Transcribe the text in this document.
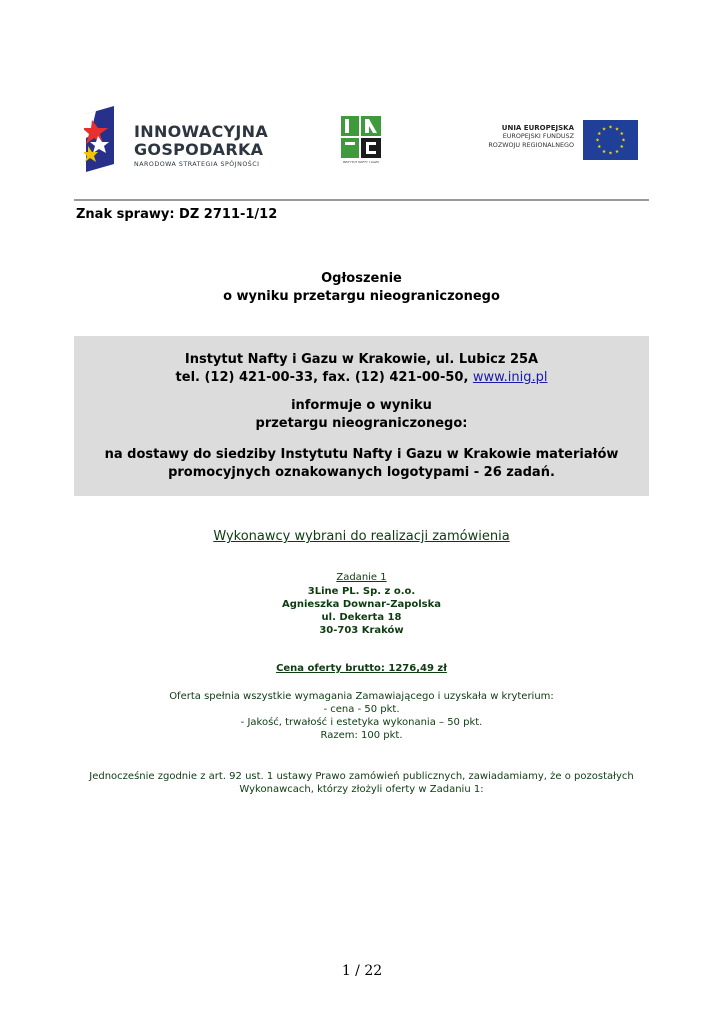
INNOWACYJNA
GOSPODARKA
NARODOWA STRATEGIA SPÓJNOŚCI	INSTYTUT NAFTY I GAZU
UNIA EUROPEJSKA
EUROPEJSKI FUNDUSZ
ROZWOJU REGIONALNEGO	★
★
★
★
★
★
★
★
★ ★ ★
★
Znak sprawy: DZ 2711-1/12
Ogłoszenie
o wyniku przetargu nieograniczonego
Instytut Nafty i Gazu w Krakowie, ul. Lubicz 25A
tel. (12) 421-00-33, fax. (12) 421-00-50, www.inig.pl
informuje o wyniku
przetargu nieograniczonego:
na dostawy do siedziby Instytutu Nafty i Gazu w Krakowie materiałów
promocyjnych oznakowanych logotypami - 26 zadań.
Wykonawcy wybrani do realizacji zamówienia
Zadanie 1
3Line PL. Sp. z o.o.
Agnieszka Downar-Zapolska
ul. Dekerta 18
30-703 Kraków
Cena oferty brutto: 1276,49 zł
Oferta spełnia wszystkie wymagania Zamawiającego i uzyskała w kryterium:
- cena - 50 pkt.
- Jakość, trwałość i estetyka wykonania – 50 pkt.
Razem: 100 pkt.
Jednocześnie zgodnie z art. 92 ust. 1 ustawy Prawo zamówień publicznych, zawiadamiamy, że o pozostałych
Wykonawcach, którzy złożyli oferty w Zadaniu 1:
1 / 22
